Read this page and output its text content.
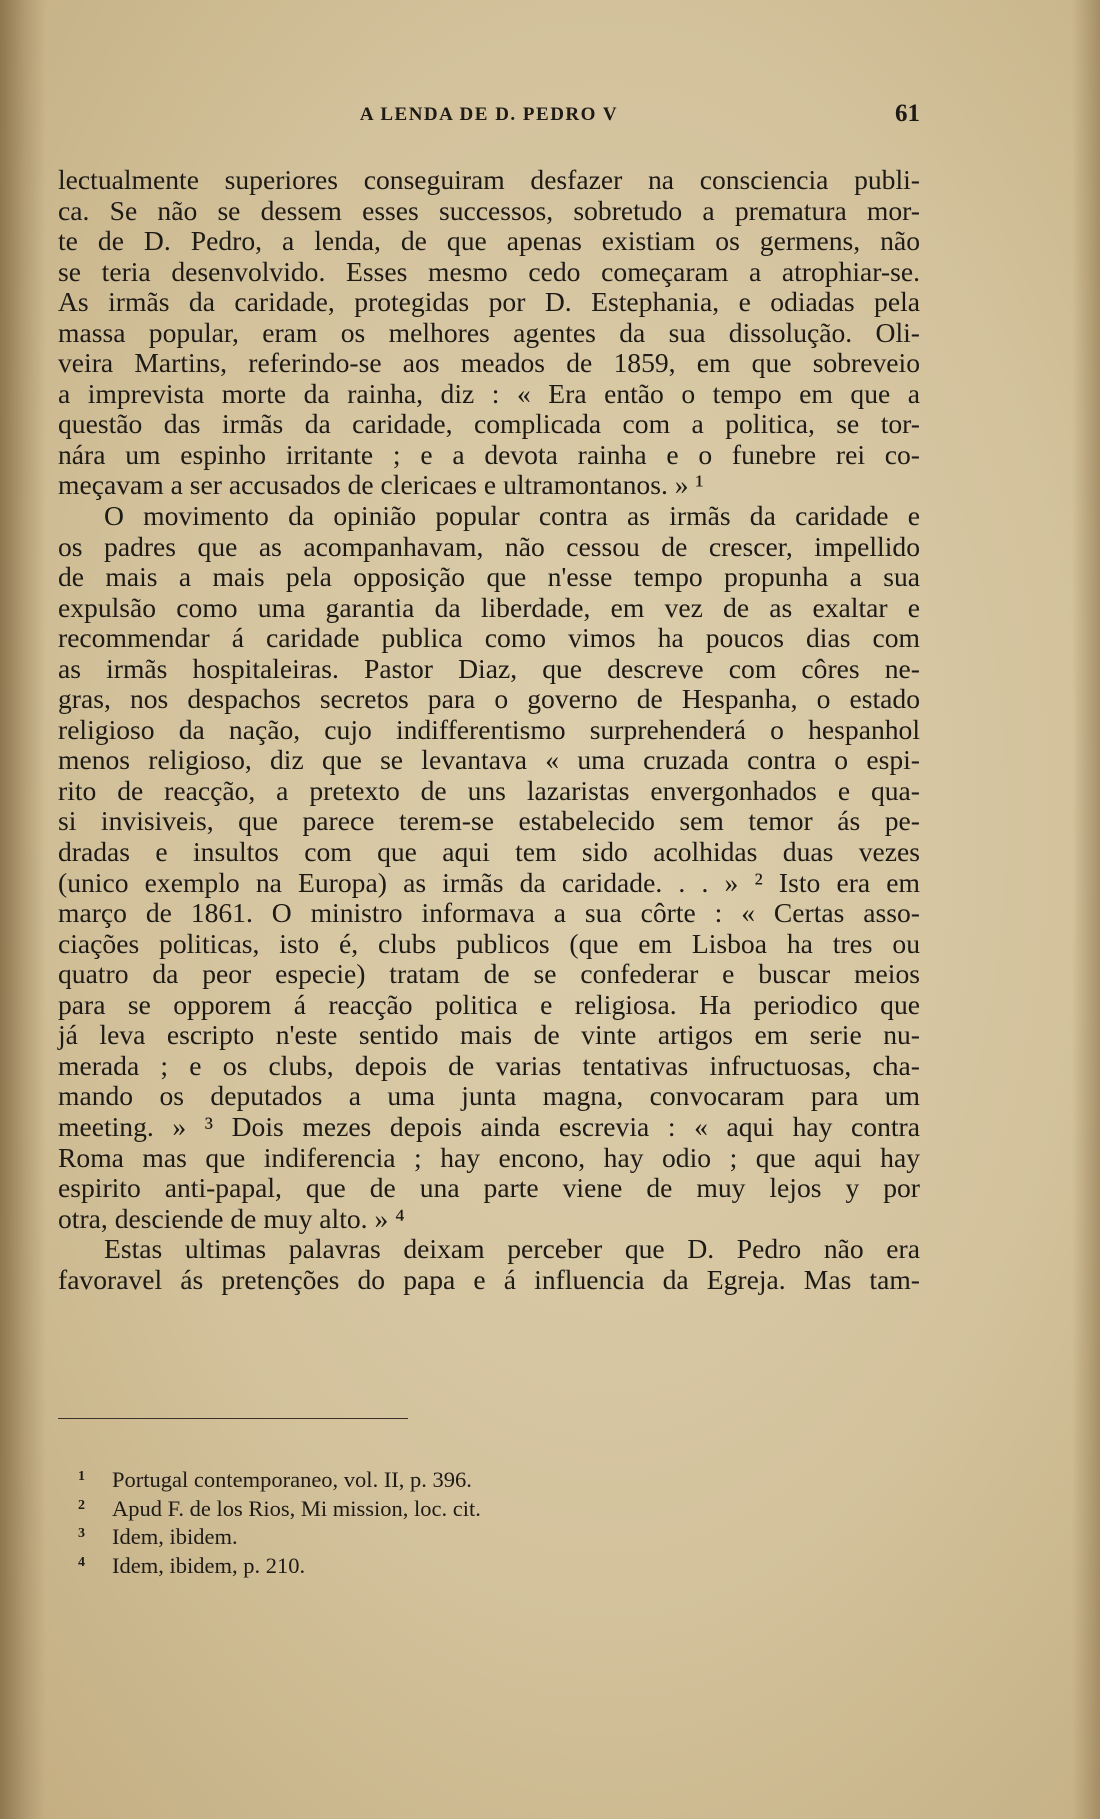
A LENDA DE D. PEDRO V	61
lectualmente superiores conseguiram desfazer na consciencia publi-
ca. Se não se dessem esses successos, sobretudo a prematura mor-
te de D. Pedro, a lenda, de que apenas existiam os germens, não
se teria desenvolvido. Esses mesmo cedo começaram a atrophiar-se.
As irmãs da caridade, protegidas por D. Estephania, e odiadas pela
massa popular, eram os melhores agentes da sua dissolução. Oli-
veira Martins, referindo-se aos meados de 1859, em que sobreveio
a imprevista morte da rainha, diz : « Era então o tempo em que a
questão das irmãs da caridade, complicada com a politica, se tor-
nára um espinho irritante ; e a devota rainha e o funebre rei co-
meçavam a ser accusados de clericaes e ultramontanos. » ¹
O movimento da opinião popular contra as irmãs da caridade e
os padres que as acompanhavam, não cessou de crescer, impellido
de mais a mais pela opposição que n'esse tempo propunha a sua
expulsão como uma garantia da liberdade, em vez de as exaltar e
recommendar á caridade publica como vimos ha poucos dias com
as irmãs hospitaleiras. Pastor Diaz, que descreve com côres ne-
gras, nos despachos secretos para o governo de Hespanha, o estado
religioso da nação, cujo indifferentismo surprehenderá o hespanhol
menos religioso, diz que se levantava « uma cruzada contra o espi-
rito de reacção, a pretexto de uns lazaristas envergonhados e qua-
si invisiveis, que parece terem-se estabelecido sem temor ás pe-
dradas e insultos com que aqui tem sido acolhidas duas vezes
(unico exemplo na Europa) as irmãs da caridade. . . » ² Isto era em
março de 1861. O ministro informava a sua côrte : « Certas asso-
ciações politicas, isto é, clubs publicos (que em Lisboa ha tres ou
quatro da peor especie) tratam de se confederar e buscar meios
para se opporem á reacção politica e religiosa. Ha periodico que
já leva escripto n'este sentido mais de vinte artigos em serie nu-
merada ; e os clubs, depois de varias tentativas infructuosas, cha-
mando os deputados a uma junta magna, convocaram para um
meeting. » ³ Dois mezes depois ainda escrevia : « aqui hay contra
Roma mas que indiferencia ; hay encono, hay odio ; que aqui hay
espirito anti-papal, que de una parte viene de muy lejos y por
otra, desciende de muy alto. » ⁴
Estas ultimas palavras deixam perceber que D. Pedro não era
favoravel ás pretenções do papa e á influencia da Egreja. Mas tam-
1 Portugal contemporaneo, vol. II, p. 396.
2 Apud F. de los Rios, Mi mission, loc. cit.
3 Idem, ibidem.
4 Idem, ibidem, p. 210.
